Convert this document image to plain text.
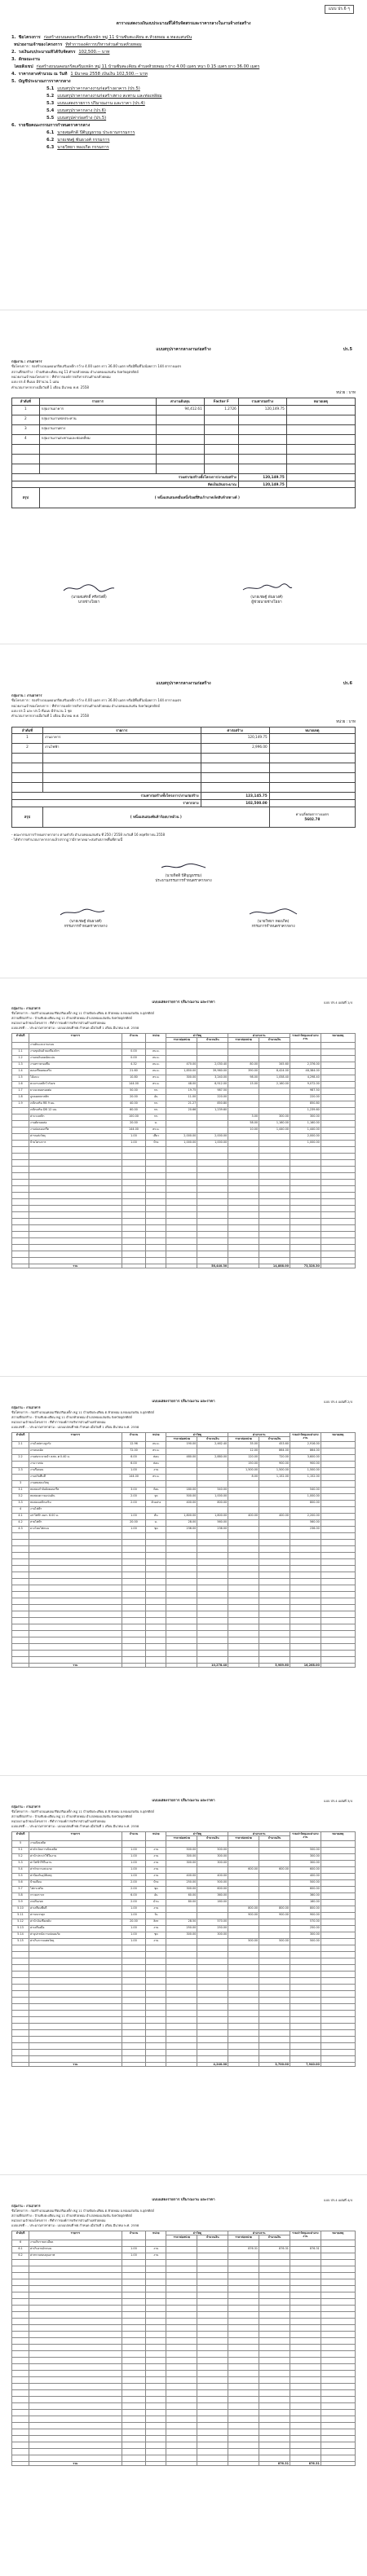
แบบ ปร.6 ๆ
ตารางแสดงวงเงินงบประมาณที่ได้รับจัดสรรและราคากลางในงานจ้างก่อสร้าง
1. ชื่อโครงการ ก่อสร้างถนนคอนกรีตเสริมเหล็ก หมู่ 11 บ้านซับตะเคียน ต.ห้วยหอม อ.ทองแสนขัน
หน่วยงานเจ้าของโครงการ ที่ทำการองค์การบริหารส่วนตำบลห้วยหอม
2. วงเงินงบประมาณที่ได้รับจัดสรร 102,500.-- บาท
3. ลักษณะงาน
โดยสังเขป ก่อสร้างถนนคอนกรีตเสริมเหล็ก หมู่ 11 บ้านซับตะเคียน ตำบลห้วยหอม กว้าง 4.00 เมตร หนา 0.15 เมตร ยาว 36.00 เมตร
4. ราคากลางคำนวณ ณ วันที่ 1 มีนาคม 2558 เป็นเงิน 102,500.-- บาท
5. บัญชีประมาณการราคากลาง
5.1 แบบสรุปราคากลางงานก่อสร้างอาคาร (ปร.5)
5.2 แบบสรุปราคากลางงานก่อสร้างทาง สะพาน และท่อเหลี่ยม
5.3 แบบแสดงรายการ ปริมาณงาน และราคา (ปร.4)
5.4 แบบสรุปราคากลาง (ปร.6)
5.5 แบบสรุปค่าก่อสร้าง (ปร.5)
6. รายชื่อคณะกรรมการกำหนดราคากลาง
6.1 นายสมศักดิ์ ปีติบุญธรรม ประธานกรรมการ
6.2 นายเชษฐ์ พันธวงศ์ กรรมการ
6.3 นายวิทยา ทองเกิด กรรมการ
แบบสรุปราคากลางงานก่อสร้าง	ปร.5
กลุ่มงาน : งานอาคาร
ชื่อโครงการ : ก่อสร้างถนนคอนกรีตเสริมเหล็ก กว้าง 4.00 เมตร ยาว 36.00 เมตร หรือมีพื้นที่ไม่น้อยกว่า 144 ตารางเมตร
สถานที่ก่อสร้าง : บ้านซับตะเคียน หมู่ 11 ตำบลห้วยหอม อำเภอทองแสนขัน จังหวัดอุตรดิตถ์
หน่วยงานเจ้าของโครงการ : ที่ทำการองค์การบริหารส่วนตำบลห้วยหอม
แบบ ปร.4 ที่แนบ มีจำนวน 1 แผ่น
คำนวณราคากลางเมื่อวันที่ 1 เดือน มีนาคม พ.ศ. 2558
หน่วย : บาท
ลำดับที่	รายการ	ค่างานต้นทุน	Factor F	รวมค่าก่อสร้าง	หมายเหตุ
1	กลุ่มงานอาคาร	94,412.61	1.2726	120,149.75	
2	กลุ่มงานงานชลประทาน				
3	กลุ่มงานงานทาง				
4	กลุ่มงานงานสะพานและท่อเหลี่ยม				

รวมค่าก่อสร้างทั้งโครงการ/งานก่อสร้าง				120,149.75	
คิดเป็นเงินประมาณ				120,149.75	
สรุป	( หนึ่งแสนสองหมื่นหนึ่งร้อยสี่สิบเก้าบาทเจ็ดสิบห้าสตางค์ )				
(นายสมศักดิ์ ศรีสวัสดิ์)
นายช่างโยธา
(นายเชษฐ์ พันธวงศ์)
ผู้ช่วยนายช่างโยธา
แบบสรุปราคากลางงานก่อสร้าง	ปร.6
กลุ่มงาน : งานอาคาร
ชื่อโครงการ : ก่อสร้างถนนคอนกรีตเสริมเหล็ก กว้าง 4.00 เมตร ยาว 36.00 เมตร หรือมีพื้นที่ไม่น้อยกว่า 144 ตารางเมตร
หน่วยงานเจ้าของโครงการ : ที่ทำการองค์การบริหารส่วนตำบลห้วยหอม อำเภอทองแสนขัน จังหวัดอุตรดิตถ์
แบบ ปร.5 และ ปร.5 ที่แนบ มีจำนวน 1 ชุด
คำนวณราคากลางเมื่อวันที่ 1 เดือน มีนาคม พ.ศ. 2558
หน่วย : บาท
ลำดับที่	รายการ	ค่าก่อสร้าง	หมายเหตุ
1	งานอาคาร	120,149.75	
2	งานไฟฟ้า	2,996.00	

รวมค่าก่อสร้างทั้งโครงการ/งานก่อสร้าง		123,145.75	
ราคากลาง		102,500.00	
สรุป	( หนึ่งแสนสองพันห้าร้อยบาทถ้วน )		ค่าเฉลี่ยต่อตารางเมตร
5602.78
- คณะกรรมการกำหนดราคากลาง ตามคำสั่ง อำเภอทองแสนขัน ที่ 250 / 2558 ลงวันที่ 16 พฤศจิกายน 2558
- ได้ทำการคำนวณราคากลางแล้วปรากฏว่ามีราคาเหมาะสมกับสภาพพื้นที่ตามนี้
(นายกิตติ ปีติบุญธรรม)
ประธานกรรมการกำหนดราคากลาง
(นายเชษฐ์ พันธวงศ์)
กรรมการกำหนดราคากลาง
(นายวิทยา ทองเกิด)
กรรมการกำหนดราคากลาง
แบบแสดงรายการ ปริมาณงาน และราคา	แบบ ปร.4 แผ่นที่ 1/4
กลุ่มงาน : งานอาคาร
ชื่อโครงการ : ก่อสร้างถนนคอนกรีตเสริมเหล็ก หมู่ 11 บ้านซับตะเคียน ต.ห้วยหอม อ.ทองแสนขัน จ.อุตรดิตถ์
สถานที่ก่อสร้าง : บ้านซับตะเคียน หมู่ 11 ตำบลห้วยหอม อำเภอทองแสนขัน จังหวัดอุตรดิตถ์
หน่วยงานเจ้าของโครงการ : ที่ทำการองค์การบริหารส่วนตำบลห้วยหอม
แบบเลขที่ : - ประมาณราคาตาม : แบบแปลนที่ ทต.กำหนด เมื่อวันที่ 1 เดือน มีนาคม พ.ศ. 2558
ลำดับที่	รายการ	จำนวน	หน่วย	ค่าวัสดุ		ค่าแรงงาน		รวมค่าวัสดุและค่าแรงงาน	หมายเหตุ
				ราคาต่อหน่วย	จำนวนเงิน	ราคาต่อหน่วย	จำนวนเงิน		
	งานดินและงานถนน								
1.1	งานขุดดินด้วยเครื่องจักร	0.00	ลบ.ม.						
1.2	งานถมดินบดอัดแน่น	0.00	ลบ.ม.						
1.3	งานทรายรองพื้น	4.32	ลบ.ม.	470.00	2,030.40	80.00	345.60	2,376.00	
1.4	คอนกรีตผสมเสร็จ	21.60	ลบ.ม.	1,850.00	39,960.00	390.00	8,424.00	48,384.00	
1.5	ไม้แบบ	10.80	ตร.ม.	300.00	3,240.00	98.00	1,058.40	4,298.40	
1.6	ตะแกรงเหล็กไวร์เมช	144.00	ตร.ม.	48.00	6,912.00	15.00	2,160.00	9,072.00	
1.7	ยางมะตอยรอยต่อ	50.00	กก.	19.75	987.50			987.50	
1.8	ลูกลอยพลาสติก	20.00	อัน	11.00	220.00			220.00	
1.9	เหล็กเสริม RB 9 มม.	40.00	กก.	21.27	850.80			850.80	
	เหล็กเสริม DB 12 มม.	60.00	กก.	20.66	1,239.60			1,239.60	
	ค่าแรงเหล็ก	100.00	กก.			3.00	300.00	300.00	
	งานตัดรอยต่อ	20.00	ม.			58.00	1,160.00	1,160.00	
	งานบ่มคอนกรีต	144.00	ตร.ม.			10.00	1,440.00	1,440.00	
	ค่าขนส่งวัสดุ	1.00	เที่ยว	2,000.00	2,000.00			2,000.00	
	ป้ายโครงการ	1.00	ป้าย	1,000.00	1,000.00			1,000.00	

	รวม				58,440.30		14,888.00	73,328.30	
แบบแสดงรายการ ปริมาณงาน และราคา	แบบ ปร.4 แผ่นที่ 2/4
กลุ่มงาน : งานอาคาร
ชื่อโครงการ : ก่อสร้างถนนคอนกรีตเสริมเหล็ก หมู่ 11 บ้านซับตะเคียน ต.ห้วยหอม อ.ทองแสนขัน จ.อุตรดิตถ์
สถานที่ก่อสร้าง : บ้านซับตะเคียน หมู่ 11 ตำบลห้วยหอม อำเภอทองแสนขัน จังหวัดอุตรดิตถ์
หน่วยงานเจ้าของโครงการ : ที่ทำการองค์การบริหารส่วนตำบลห้วยหอม
แบบเลขที่ : - ประมาณราคาตาม : แบบแปลนที่ ทต.กำหนด เมื่อวันที่ 1 เดือน มีนาคม พ.ศ. 2558
ลำดับที่	รายการ	จำนวน	หน่วย	ค่าวัสดุ		ค่าแรงงาน		รวมค่าวัสดุและค่าแรงงาน	หมายเหตุ
				ราคาต่อหน่วย	จำนวนเงิน	ราคาต่อหน่วย	จำนวนเงิน		
2.1	งานไหล่ทางลูกรัง	12.96	ลบ.ม.	190.00	2,462.40	35.00	453.60	2,916.00	
	เกรดบดอัด	72.00	ตร.ม.			12.00	864.00	864.00	
2.2	งานท่อระบายน้ำ คสล. ø 0.40 ม.	6.00	ท่อน	480.00	2,880.00	120.00	720.00	3,600.00	
	งานวางท่อ	6.00	ท่อน			150.00	900.00	900.00	
2.3	งานรื้อถอน	1.00	งาน			1,500.00	1,500.00	1,500.00	
	งานปรับพื้นที่	144.00	ตร.ม.			8.00	1,152.00	1,152.00	
3	งานทดสอบวัสดุ								
3.1	ทดสอบกำลังอัดคอนกรีต	3.00	ก้อน	180.00	540.00			540.00	
3.2	ทดสอบความแน่นดิน	2.00	จุด	500.00	1,000.00			1,000.00	
3.3	ทดสอบเหล็กเสริม	2.00	ตัวอย่าง	400.00	800.00			800.00	
4	งานไฟฟ้า								
4.1	เสาไฟฟ้า คอร. 6.00 ม.	1.00	ต้น	1,800.00	1,800.00	400.00	400.00	2,200.00	
4.2	สายไฟฟ้า	20.00	ม.	28.00	560.00			560.00	
4.3	ดวงโคมไฟถนน	1.00	ชุด	236.00	236.00			236.00	

	รวม				10,278.40		5,989.60	16,268.00	
แบบแสดงรายการ ปริมาณงาน และราคา	แบบ ปร.4 แผ่นที่ 3/4
กลุ่มงาน : งานอาคาร
ชื่อโครงการ : ก่อสร้างถนนคอนกรีตเสริมเหล็ก หมู่ 11 บ้านซับตะเคียน ต.ห้วยหอม อ.ทองแสนขัน จ.อุตรดิตถ์
สถานที่ก่อสร้าง : บ้านซับตะเคียน หมู่ 11 ตำบลห้วยหอม อำเภอทองแสนขัน จังหวัดอุตรดิตถ์
หน่วยงานเจ้าของโครงการ : ที่ทำการองค์การบริหารส่วนตำบลห้วยหอม
แบบเลขที่ : - ประมาณราคาตาม : แบบแปลนที่ ทต.กำหนด เมื่อวันที่ 1 เดือน มีนาคม พ.ศ. 2558
ลำดับที่	รายการ	จำนวน	หน่วย	ค่าวัสดุ		ค่าแรงงาน		รวมค่าวัสดุและค่าแรงงาน	หมายเหตุ
				ราคาต่อหน่วย	จำนวนเงิน	ราคาต่อหน่วย	จำนวนเงิน		
5	งานเบ็ดเตล็ด								
5.1	ค่าดำเนินการเบ็ดเตล็ด	1.00	งาน	500.00	500.00			500.00	
5.2	ค่าน้ำประปาใช้ในงาน	1.00	งาน	300.00	300.00			300.00	
5.3	ค่าไฟฟ้าใช้ในงาน	1.00	งาน	300.00	300.00			300.00	
5.4	ค่าทำความสะอาด	1.00	งาน			600.00	600.00	600.00	
5.5	ค่าป้องกันอุบัติเหตุ	1.00	งาน	400.00	400.00			400.00	
5.6	ป้ายเตือน	2.00	ป้าย	250.00	500.00			500.00	
5.7	ไฟกระพริบ	2.00	ชุด	300.00	600.00			600.00	
5.8	กรวยจราจร	6.00	อัน	60.00	360.00			360.00	
5.9	เทปกั้นเขต	2.00	ม้วน	80.00	160.00			160.00	
5.10	ค่าเตรียมพื้นที่	1.00	งาน			800.00	800.00	800.00	
5.11	ค่ารถบรรทุก	1.00	วัน			900.00	900.00	900.00	
5.12	ค่าน้ำมันเชื้อเพลิง	20.00	ลิตร	28.50	570.00			570.00	
5.13	ค่าเครื่องมือ	1.00	งาน	250.00	250.00			250.00	
5.14	ค่าอุปกรณ์ความปลอดภัย	1.00	ชุด	300.00	300.00			300.00	
5.15	ค่าเก็บกวาดเศษวัสดุ	1.00	งาน			500.00	500.00	500.00	

	รวม				4,240.00		3,700.00	7,940.00	
แบบแสดงรายการ ปริมาณงาน และราคา	แบบ ปร.4 แผ่นที่ 4/4
กลุ่มงาน : งานอาคาร
ชื่อโครงการ : ก่อสร้างถนนคอนกรีตเสริมเหล็ก หมู่ 11 บ้านซับตะเคียน ต.ห้วยหอม อ.ทองแสนขัน จ.อุตรดิตถ์
สถานที่ก่อสร้าง : บ้านซับตะเคียน หมู่ 11 ตำบลห้วยหอม อำเภอทองแสนขัน จังหวัดอุตรดิตถ์
หน่วยงานเจ้าของโครงการ : ที่ทำการองค์การบริหารส่วนตำบลห้วยหอม
แบบเลขที่ : - ประมาณราคาตาม : แบบแปลนที่ ทต.กำหนด เมื่อวันที่ 1 เดือน มีนาคม พ.ศ. 2558
ลำดับที่	รายการ	จำนวน	หน่วย	ค่าวัสดุ		ค่าแรงงาน		รวมค่าวัสดุและค่าแรงงาน	หมายเหตุ
				ราคาต่อหน่วย	จำนวนเงิน	ราคาต่อหน่วย	จำนวนเงิน		
6	งานเก็บรายละเอียด								
6.1	ค่าเก็บงานผิวถนน	1.00	งาน			876.31	876.31	876.31	
6.2	ค่าตรวจสอบคุณภาพ	1.00	งาน						

	รวม						876.31	876.31	
